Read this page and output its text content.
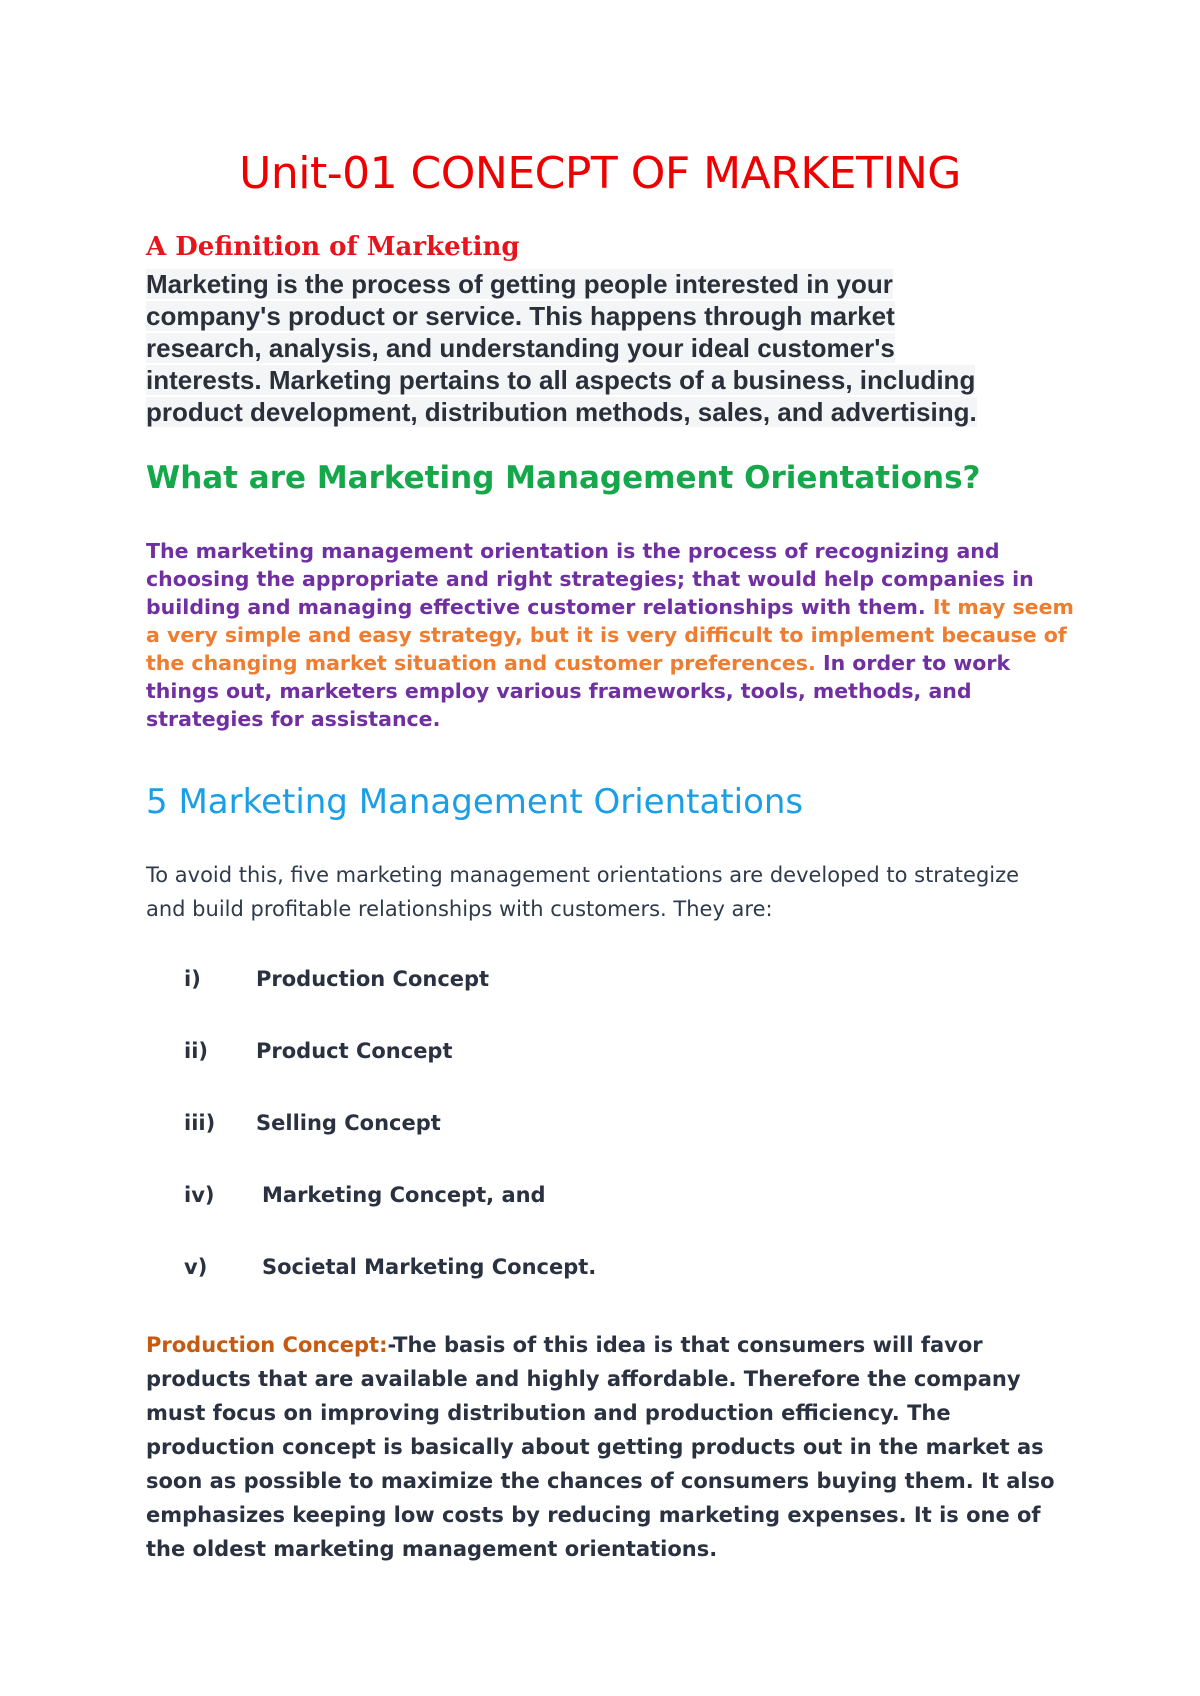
Unit-01 CONECPT OF MARKETING
A Definition of Marketing
Marketing is the process of getting people interested in your
company's product or service. This happens through market
research, analysis, and understanding your ideal customer's
interests. Marketing pertains to all aspects of a business, including
product development, distribution methods, sales, and advertising.
What are Marketing Management Orientations?
The marketing management orientation is the process of recognizing and choosing the appropriate and right strategies; that would help companies in building and managing effective customer relationships with them. It may seem a very simple and easy strategy, but it is very difficult to implement because of the changing market situation and customer preferences. In order to work things out, marketers employ various frameworks, tools, methods, and strategies for assistance.
5 Marketing Management Orientations
To avoid this, five marketing management orientations are developed to strategize and build profitable relationships with customers. They are:
i)	Production Concept
ii)	Product Concept
iii)	Selling Concept
iv)	Marketing Concept, and
v)	Societal Marketing Concept.
Production Concept:-The basis of this idea is that consumers will favor products that are available and highly affordable. Therefore the company must focus on improving distribution and production efficiency. The production concept is basically about getting products out in the market as soon as possible to maximize the chances of consumers buying them. It also emphasizes keeping low costs by reducing marketing expenses. It is one of the oldest marketing management orientations.
